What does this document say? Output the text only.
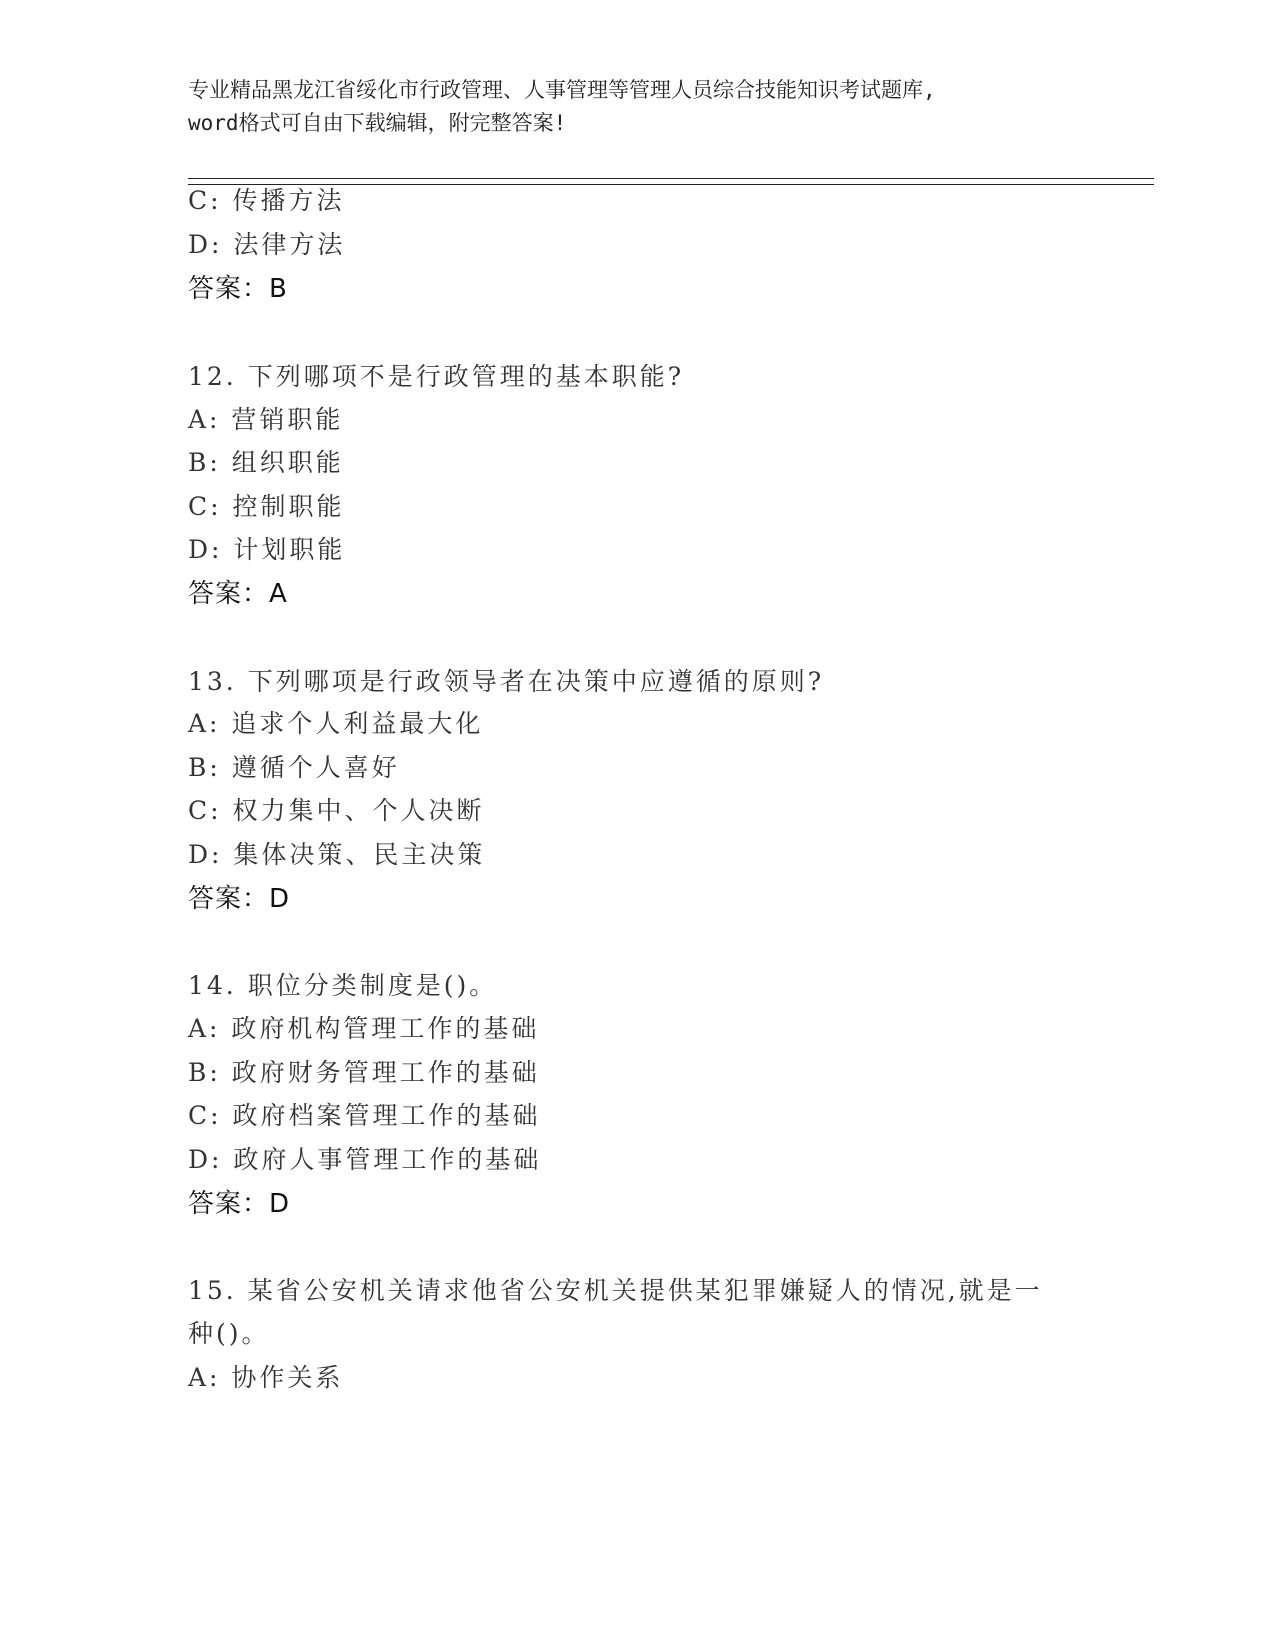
专业精品黑龙江省绥化市行政管理、人事管理等管理人员综合技能知识考试题库,
word格式可自由下载编辑，附完整答案!
C: 传播方法
D: 法律方法
答案：B
12. 下列哪项不是行政管理的基本职能?
A: 营销职能
B: 组织职能
C: 控制职能
D: 计划职能
答案：A
13. 下列哪项是行政领导者在决策中应遵循的原则?
A: 追求个人利益最大化
B: 遵循个人喜好
C: 权力集中、个人决断
D: 集体决策、民主决策
答案：D
14. 职位分类制度是()。
A: 政府机构管理工作的基础
B: 政府财务管理工作的基础
C: 政府档案管理工作的基础
D: 政府人事管理工作的基础
答案：D
15. 某省公安机关请求他省公安机关提供某犯罪嫌疑人的情况,就是一
种()。
A: 协作关系
